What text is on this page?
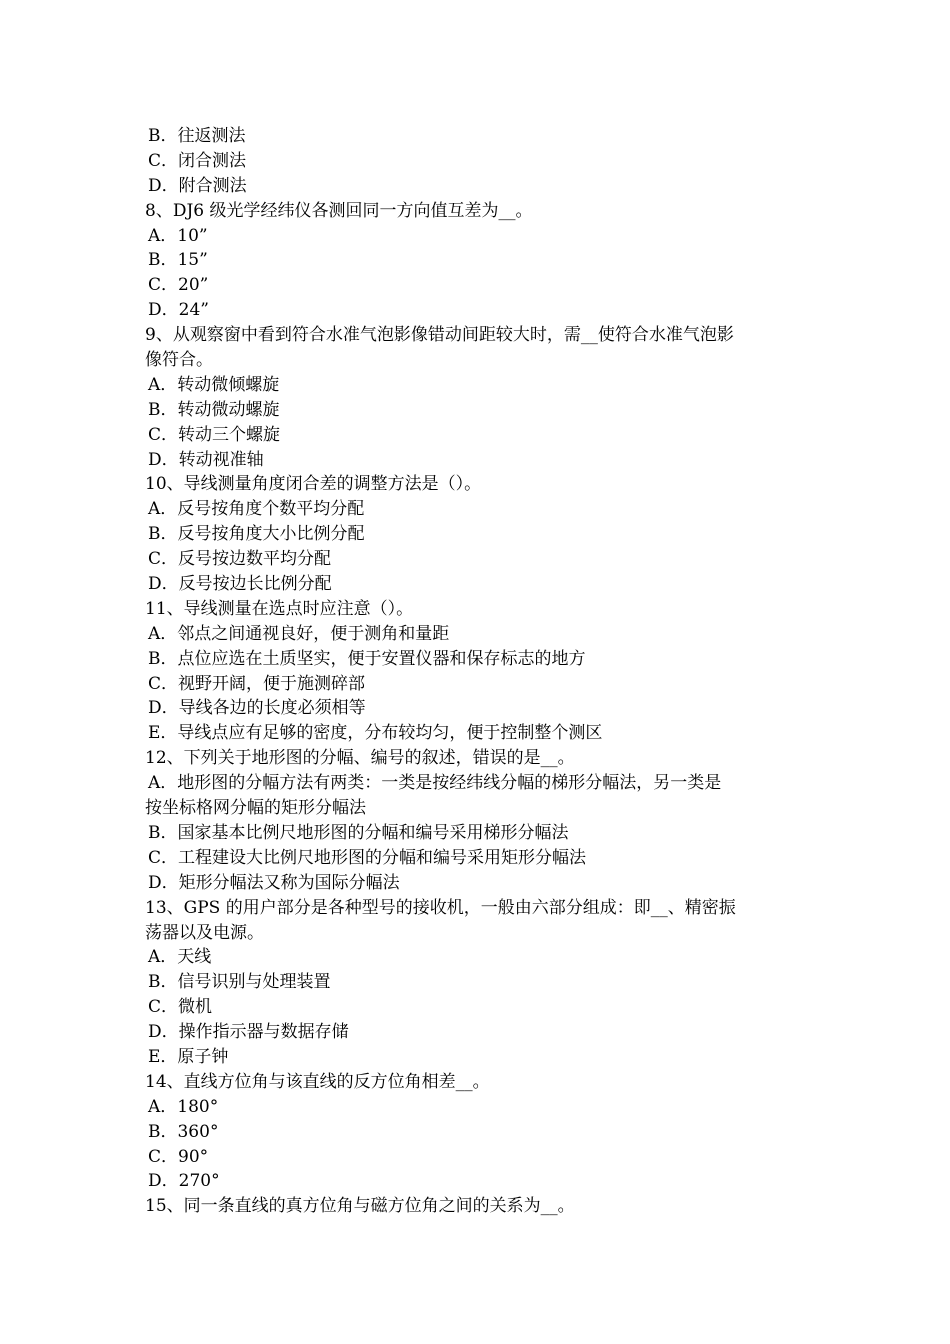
B．往返测法
C．闭合测法
D．附合测法
8、DJ6 级光学经纬仪各测回同一方向值互差为__。
A．10”
B．15”
C．20”
D．24”
9、从观察窗中看到符合水准气泡影像错动间距较大时，需__使符合水准气泡影
像符合。
A．转动微倾螺旋
B．转动微动螺旋
C．转动三个螺旋
D．转动视准轴
10、导线测量角度闭合差的调整方法是（）。
A．反号按角度个数平均分配
B．反号按角度大小比例分配
C．反号按边数平均分配
D．反号按边长比例分配
11、导线测量在选点时应注意（）。
A．邻点之间通视良好，便于测角和量距
B．点位应选在土质坚实，便于安置仪器和保存标志的地方
C．视野开阔，便于施测碎部
D．导线各边的长度必须相等
E．导线点应有足够的密度，分布较均匀，便于控制整个测区
12、下列关于地形图的分幅、编号的叙述，错误的是__。
A．地形图的分幅方法有两类：一类是按经纬线分幅的梯形分幅法，另一类是
按坐标格网分幅的矩形分幅法
B．国家基本比例尺地形图的分幅和编号采用梯形分幅法
C．工程建设大比例尺地形图的分幅和编号采用矩形分幅法
D．矩形分幅法又称为国际分幅法
13、GPS 的用户部分是各种型号的接收机，一般由六部分组成：即__、精密振
荡器以及电源。
A．天线
B．信号识别与处理装置
C．微机
D．操作指示器与数据存储
E．原子钟
14、直线方位角与该直线的反方位角相差__。
A．180°
B．360°
C．90°
D．270°
15、同一条直线的真方位角与磁方位角之间的关系为__。
